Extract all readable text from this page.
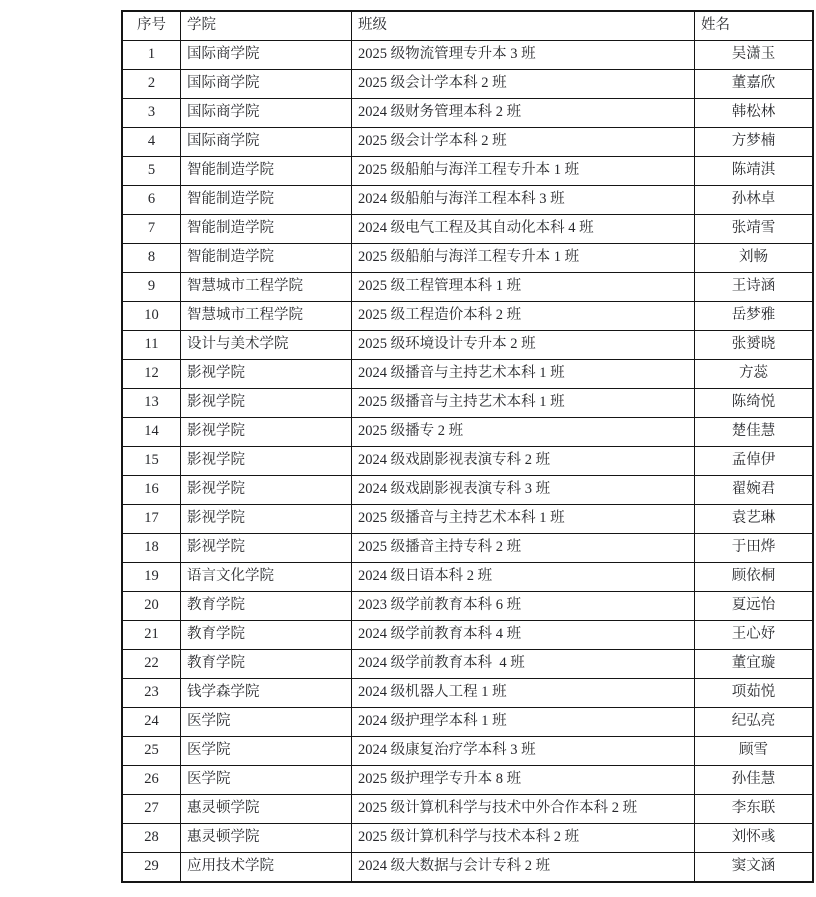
序号	学院	班级	姓名
1	国际商学院	2025 级物流管理专升本 3 班	吴潇玉
2	国际商学院	2025 级会计学本科 2 班	董嘉欣
3	国际商学院	2024 级财务管理本科 2 班	韩松林
4	国际商学院	2025 级会计学本科 2 班	方梦楠
5	智能制造学院	2025 级船舶与海洋工程专升本 1 班	陈靖淇
6	智能制造学院	2024 级船舶与海洋工程本科 3 班	孙林卓
7	智能制造学院	2024 级电气工程及其自动化本科 4 班	张靖雪
8	智能制造学院	2025 级船舶与海洋工程专升本 1 班	刘畅
9	智慧城市工程学院	2025 级工程管理本科 1 班	王诗涵
10	智慧城市工程学院	2025 级工程造价本科 2 班	岳梦雅
11	设计与美术学院	2025 级环境设计专升本 2 班	张赟晓
12	影视学院	2024 级播音与主持艺术本科 1 班	方蕊
13	影视学院	2025 级播音与主持艺术本科 1 班	陈绮悦
14	影视学院	2025 级播专 2 班	楚佳慧
15	影视学院	2024 级戏剧影视表演专科 2 班	孟倬伊
16	影视学院	2024 级戏剧影视表演专科 3 班	翟婉君
17	影视学院	2025 级播音与主持艺术本科 1 班	袁艺琳
18	影视学院	2025 级播音主持专科 2 班	于田烨
19	语言文化学院	2024 级日语本科 2 班	顾依桐
20	教育学院	2023 级学前教育本科 6 班	夏远怡
21	教育学院	2024 级学前教育本科 4 班	王心妤
22	教育学院	2024 级学前教育本科  4 班	董宜璇
23	钱学森学院	2024 级机器人工程 1 班	项茹悦
24	医学院	2024 级护理学本科 1 班	纪弘亮
25	医学院	2024 级康复治疗学本科 3 班	顾雪
26	医学院	2025 级护理学专升本 8 班	孙佳慧
27	惠灵顿学院	2025 级计算机科学与技术中外合作本科 2 班	李东联
28	惠灵顿学院	2025 级计算机科学与技术本科 2 班	刘怀彧
29	应用技术学院	2024 级大数据与会计专科 2 班	窦文涵
